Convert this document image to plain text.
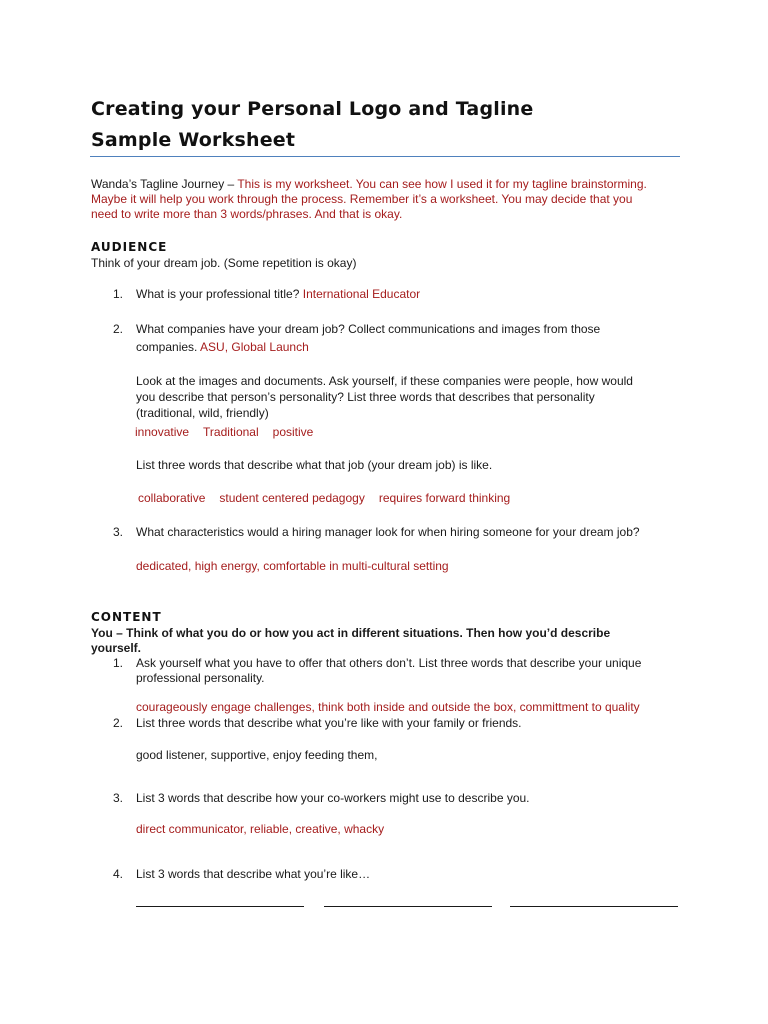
Creating your Personal Logo and Tagline
Sample Worksheet
Wanda’s Tagline Journey – This is my worksheet. You can see how I used it for my tagline brainstorming.
Maybe it will help you work through the process. Remember it’s a worksheet. You may decide that you
need to write more than 3 words/phrases. And that is okay.
AUDIENCE
Think of your dream job. (Some repetition is okay)
1. What is your professional title? International Educator
2. What companies have your dream job? Collect communications and images from those
companies. ASU, Global Launch
Look at the images and documents. Ask yourself, if these companies were people, how would
you describe that person’s personality? List three words that describes that personality
(traditional, wild, friendly)
innovative Traditional positive
List three words that describe what that job (your dream job) is like.
collaborative student centered pedagogy requires forward thinking
3. What characteristics would a hiring manager look for when hiring someone for your dream job?
dedicated, high energy, comfortable in multi-cultural setting
CONTENT
You – Think of what you do or how you act in different situations. Then how you’d describe
yourself.
1. Ask yourself what you have to offer that others don’t. List three words that describe your unique
professional personality.
courageously engage challenges, think both inside and outside the box, committment to quality
2. List three words that describe what you’re like with your family or friends.
good listener, supportive, enjoy feeding them,
3. List 3 words that describe how your co-workers might use to describe you.
direct communicator, reliable, creative, whacky
4. List 3 words that describe what you’re like…
